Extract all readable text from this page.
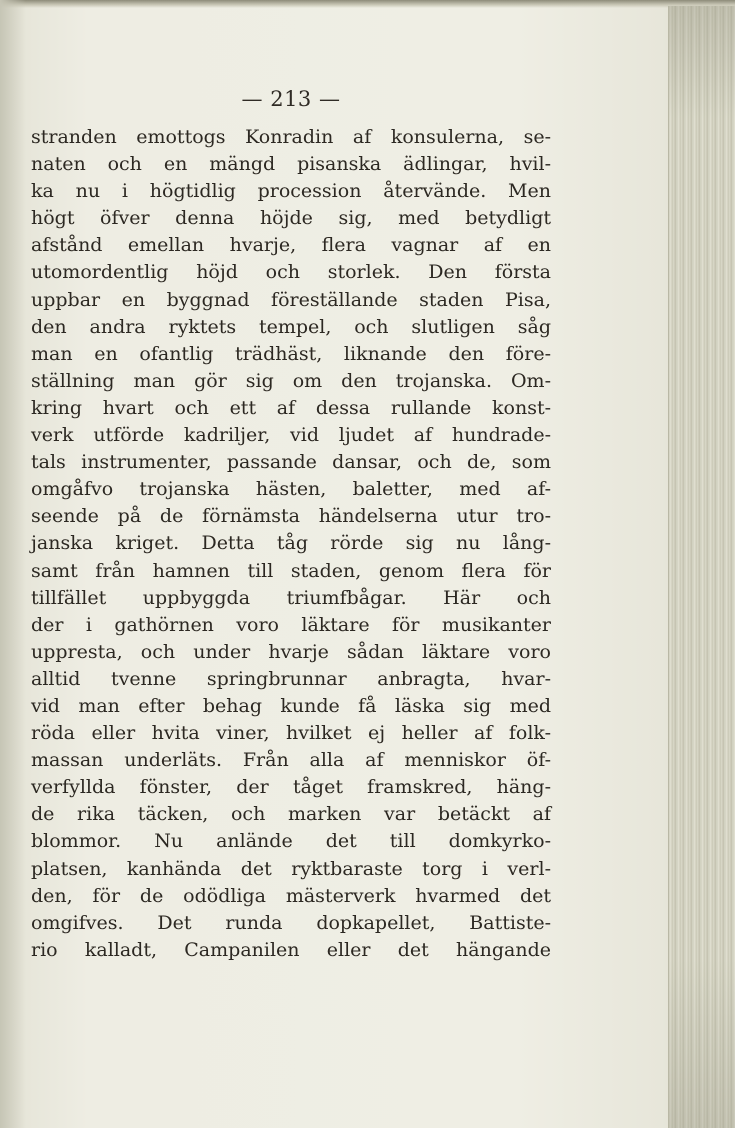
— 213 —
stranden emottogs Konradin af konsulerna, se-
naten och en mängd pisanska ädlingar, hvil-
ka nu i högtidlig procession återvände. Men
högt öfver denna höjde sig, med betydligt
afstånd emellan hvarje, flera vagnar af en
utomordentlig höjd och storlek. Den första
uppbar en byggnad föreställande staden Pisa,
den andra ryktets tempel, och slutligen såg
man en ofantlig trädhäst, liknande den före-
ställning man gör sig om den trojanska. Om-
kring hvart och ett af dessa rullande konst-
verk utförde kadriljer, vid ljudet af hundrade-
tals instrumenter, passande dansar, och de, som
omgåfvo trojanska hästen, baletter, med af-
seende på de förnämsta händelserna utur tro-
janska kriget. Detta tåg rörde sig nu lång-
samt från hamnen till staden, genom flera för
tillfället uppbyggda triumfbågar. Här och
der i gathörnen voro läktare för musikanter
uppresta, och under hvarje sådan läktare voro
alltid tvenne springbrunnar anbragta, hvar-
vid man efter behag kunde få läska sig med
röda eller hvita viner, hvilket ej heller af folk-
massan underläts. Från alla af menniskor öf-
verfyllda fönster, der tåget framskred, häng-
de rika täcken, och marken var betäckt af
blommor. Nu anlände det till domkyrko-
platsen, kanhända det ryktbaraste torg i verl-
den, för de odödliga mästerverk hvarmed det
omgifves. Det runda dopkapellet, Battiste-
rio kalladt, Campanilen eller det hängande
